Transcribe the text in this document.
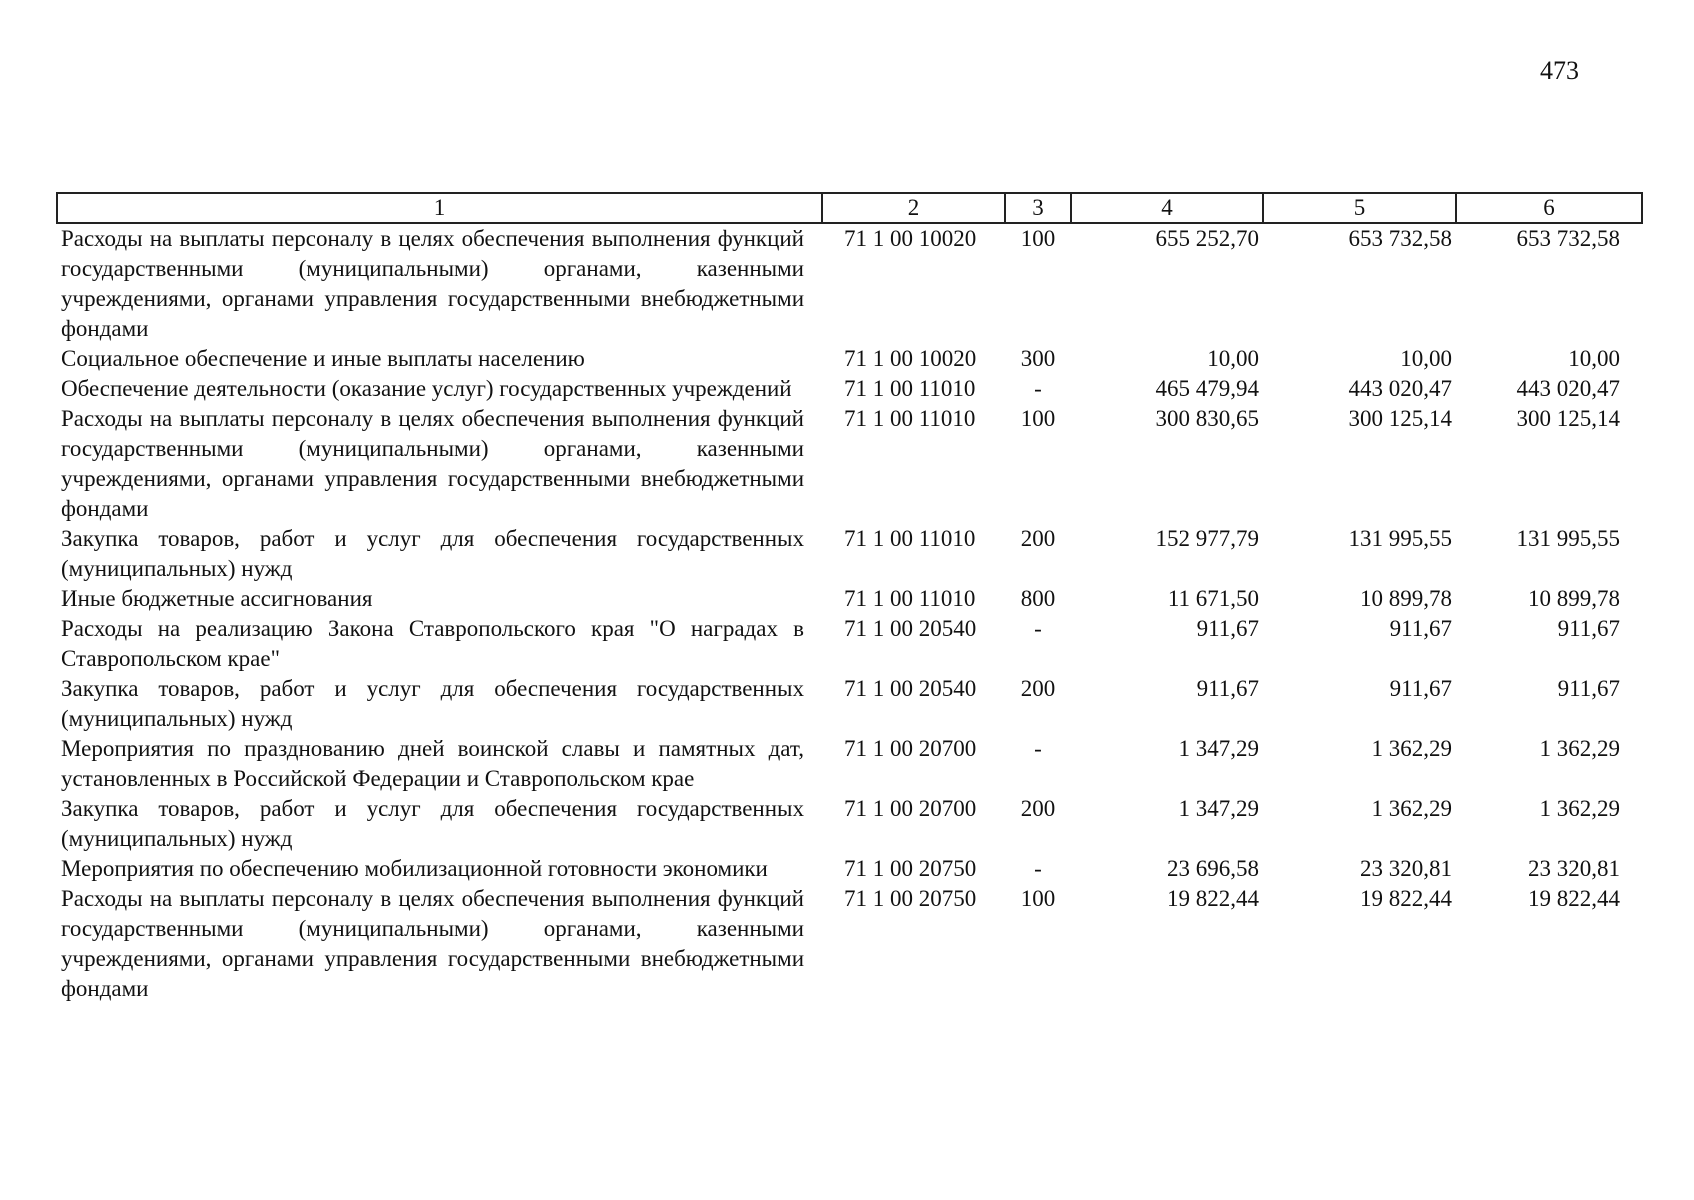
473
1	2	3	4	5	6
Расходы на выплаты персоналу в целях обеспечения выполнения функций государственными (муниципальными) органами, казенными учреждениями, органами управления государственными внебюджетными фондами	71 1 00 10020	100	655 252,70	653 732,58	653 732,58
Социальное обеспечение и иные выплаты населению	71 1 00 10020	300	10,00	10,00	10,00
Обеспечение деятельности (оказание услуг) государственных учреждений	71 1 00 11010	-	465 479,94	443 020,47	443 020,47
Расходы на выплаты персоналу в целях обеспечения выполнения функций государственными (муниципальными) органами, казенными учреждениями, органами управления государственными внебюджетными фондами	71 1 00 11010	100	300 830,65	300 125,14	300 125,14
Закупка товаров, работ и услуг для обеспечения государственных (муниципальных) нужд	71 1 00 11010	200	152 977,79	131 995,55	131 995,55
Иные бюджетные ассигнования	71 1 00 11010	800	11 671,50	10 899,78	10 899,78
Расходы на реализацию Закона Ставропольского края "О наградах в Ставропольском крае"	71 1 00 20540	-	911,67	911,67	911,67
Закупка товаров, работ и услуг для обеспечения государственных (муниципальных) нужд	71 1 00 20540	200	911,67	911,67	911,67
Мероприятия по празднованию дней воинской славы и памятных дат, установленных в Российской Федерации и Ставропольском крае	71 1 00 20700	-	1 347,29	1 362,29	1 362,29
Закупка товаров, работ и услуг для обеспечения государственных (муниципальных) нужд	71 1 00 20700	200	1 347,29	1 362,29	1 362,29
Мероприятия по обеспечению мобилизационной готовности экономики	71 1 00 20750	-	23 696,58	23 320,81	23 320,81
Расходы на выплаты персоналу в целях обеспечения выполнения функций государственными (муниципальными) органами, казенными учреждениями, органами управления государственными внебюджетными фондами	71 1 00 20750	100	19 822,44	19 822,44	19 822,44
